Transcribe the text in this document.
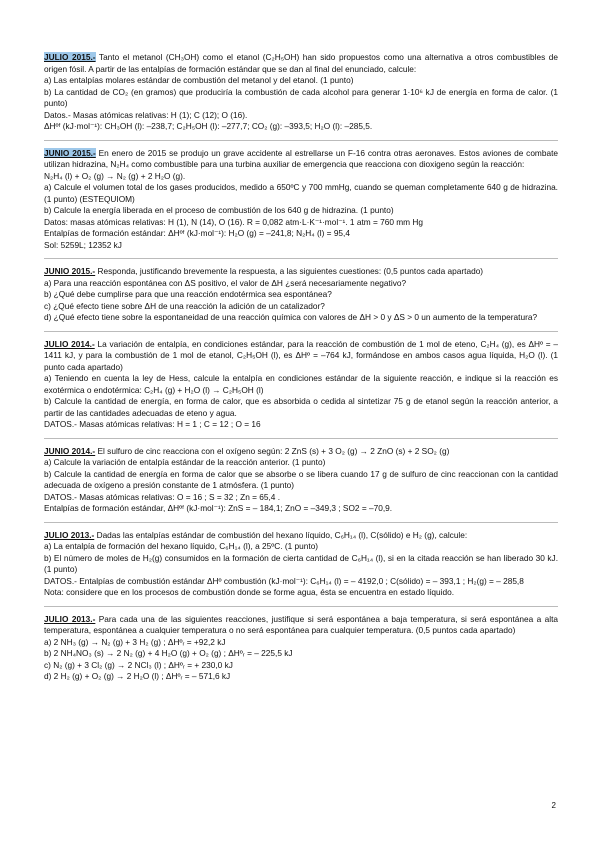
JULIO 2015.- Tanto el metanol (CH₃OH) como el etanol (C₂H₅OH) han sido propuestos como una alternativa a otros combustibles de origen fósil. A partir de las entalpías de formación estándar que se dan al final del enunciado, calcule:

a) Las entalpías molares estándar de combustión del metanol y del etanol. (1 punto)

b) La cantidad de CO₂ (en gramos) que produciría la combustión de cada alcohol para generar 1·10⁶ kJ de energía en forma de calor. (1 punto)

Datos.- Masas atómicas relativas: H (1); C (12); O (16).

ΔHºᶠ (kJ·mol⁻¹): CH₃OH (l): –238,7; C₂H₅OH (l): –277,7; CO₂ (g): –393,5; H₂O (l): –285,5.

JUNIO 2015.- En enero de 2015 se produjo un grave accidente al estrellarse un F-16 contra otras aeronaves. Estos aviones de combate utilizan hidrazina, N₂H₄ como combustible para una turbina auxiliar de emergencia que reacciona con dioxigeno según la reacción:

N₂H₄ (l) + O₂ (g) → N₂ (g) + 2 H₂O (g).

a) Calcule el volumen total de los gases producidos, medido a 650ºC y 700 mmHg, cuando se queman completamente 640 g de hidrazina. (1 punto) (ESTEQUIOM)

b) Calcule la energía liberada en el proceso de combustión de los 640 g de hidrazina. (1 punto)

Datos: masas atómicas relativas: H (1), N (14), O (16). R = 0,082 atm·L·K⁻¹·mol⁻¹. 1 atm = 760 mm Hg

Entalpías de formación estándar: ΔHºᶠ (kJ·mol⁻¹): H₂O (g) = –241,8; N₂H₄ (l) = 95,4

Sol: 5259L; 12352 kJ

JUNIO 2015.- Responda, justificando brevemente la respuesta, a las siguientes cuestiones: (0,5 puntos cada apartado)

a) Para una reacción espontánea con ΔS positivo, el valor de ΔH ¿será necesariamente negativo?

b) ¿Qué debe cumplirse para que una reacción endotérmica sea espontánea?

c) ¿Qué efecto tiene sobre ΔH de una reacción la adición de un catalizador?

d) ¿Qué efecto tiene sobre la espontaneidad de una reacción química con valores de ΔH > 0 y ΔS > 0 un aumento de la temperatura?

JULIO 2014.- La variación de entalpía, en condiciones estándar, para la reacción de combustión de 1 mol de eteno, C₂H₄ (g), es ΔHº = –1411 kJ, y para la combustión de 1 mol de etanol, C₂H₅OH (l), es ΔHº = –764 kJ, formándose en ambos casos agua líquida, H₂O (l). (1 punto cada apartado)

a) Teniendo en cuenta la ley de Hess, calcule la entalpía en condiciones estándar de la siguiente reacción, e indique si la reacción es exotérmica o endotérmica: C₂H₄ (g) + H₂O (l) → C₂H₅OH (l)

b) Calcule la cantidad de energía, en forma de calor, que es absorbida o cedida al sintetizar 75 g de etanol según la reacción anterior, a partir de las cantidades adecuadas de eteno y agua.

DATOS.- Masas atómicas relativas: H = 1 ; C = 12 ; O = 16

JUNIO 2014.- El sulfuro de cinc reacciona con el oxígeno según: 2 ZnS (s) + 3 O₂ (g) → 2 ZnO (s) + 2 SO₂ (g)

a) Calcule la variación de entalpía estándar de la reacción anterior. (1 punto)

b) Calcule la cantidad de energía en forma de calor que se absorbe o se libera cuando 17 g de sulfuro de cinc reaccionan con la cantidad adecuada de oxígeno a presión constante de 1 atmósfera. (1 punto)

DATOS.- Masas atómicas relativas: O = 16 ; S = 32 ; Zn = 65,4 .

Entalpías de formación estándar, ΔHºᶠ (kJ·mol⁻¹): ZnS = – 184,1; ZnO = –349,3 ; SO2 = –70,9.

JULIO 2013.- Dadas las entalpías estándar de combustión del hexano líquido, C₆H₁₄ (l), C(sólido) e H₂ (g), calcule:

a) La entalpía de formación del hexano líquido, C₆H₁₄ (l), a 25ºC. (1 punto)

b) El número de moles de H₂(g) consumidos en la formación de cierta cantidad de C₆H₁₄ (l), si en la citada reacción se han liberado 30 kJ. (1 punto)

DATOS.- Entalpías de combustión estándar ΔHº combustión (kJ·mol⁻¹): C₆H₁₄ (l) = – 4192,0 ; C(sólido) = – 393,1 ; H₂(g) = – 285,8

Nota: considere que en los procesos de combustión donde se forme agua, ésta se encuentra en estado líquido.

JULIO 2013.- Para cada una de las siguientes reacciones, justifique si será espontánea a baja temperatura, si será espontánea a alta temperatura, espontánea a cualquier temperatura o no será espontánea para cualquier temperatura. (0,5 puntos cada apartado)

a) 2 NH₃ (g) → N₂ (g) + 3 H₂ (g) ; ΔHºᵣ = +92,2 kJ

b) 2 NH₄NO₃ (s) → 2 N₂ (g) + 4 H₂O (g) + O₂ (g) ; ΔHºᵣ = – 225,5 kJ

c) N₂ (g) + 3 Cl₂ (g) → 2 NCl₃ (l) ; ΔHºᵣ = + 230,0 kJ

d) 2 H₂ (g) + O₂ (g) → 2 H₂O (l) ; ΔHºᵣ = – 571,6 kJ

2
